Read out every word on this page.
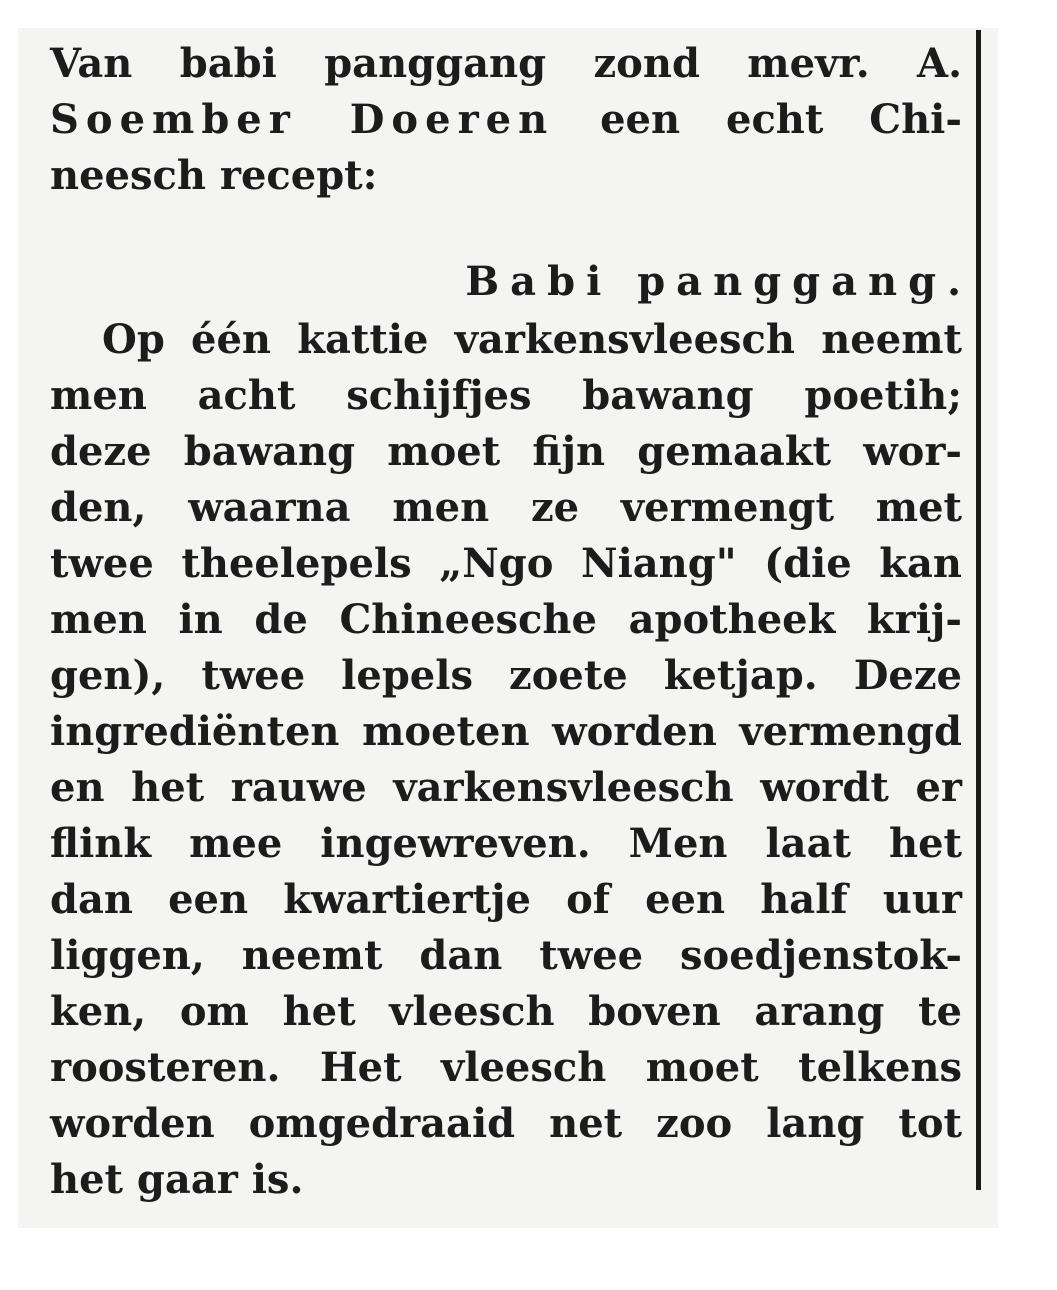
Van babi panggang zond mevr. A.
Soember Doeren een echt Chi-
neesch recept:
Babi panggang.
Op één kattie varkensvleesch neemt
men acht schijfjes bawang poetih;
deze bawang moet fijn gemaakt wor-
den, waarna men ze vermengt met
twee theelepels „Ngo Niang" (die kan
men in de Chineesche apotheek krij-
gen), twee lepels zoete ketjap. Deze
ingrediënten moeten worden vermengd
en het rauwe varkensvleesch wordt er
flink mee ingewreven. Men laat het
dan een kwartiertje of een half uur
liggen, neemt dan twee soedjenstok-
ken, om het vleesch boven arang te
roosteren. Het vleesch moet telkens
worden omgedraaid net zoo lang tot
het gaar is.
